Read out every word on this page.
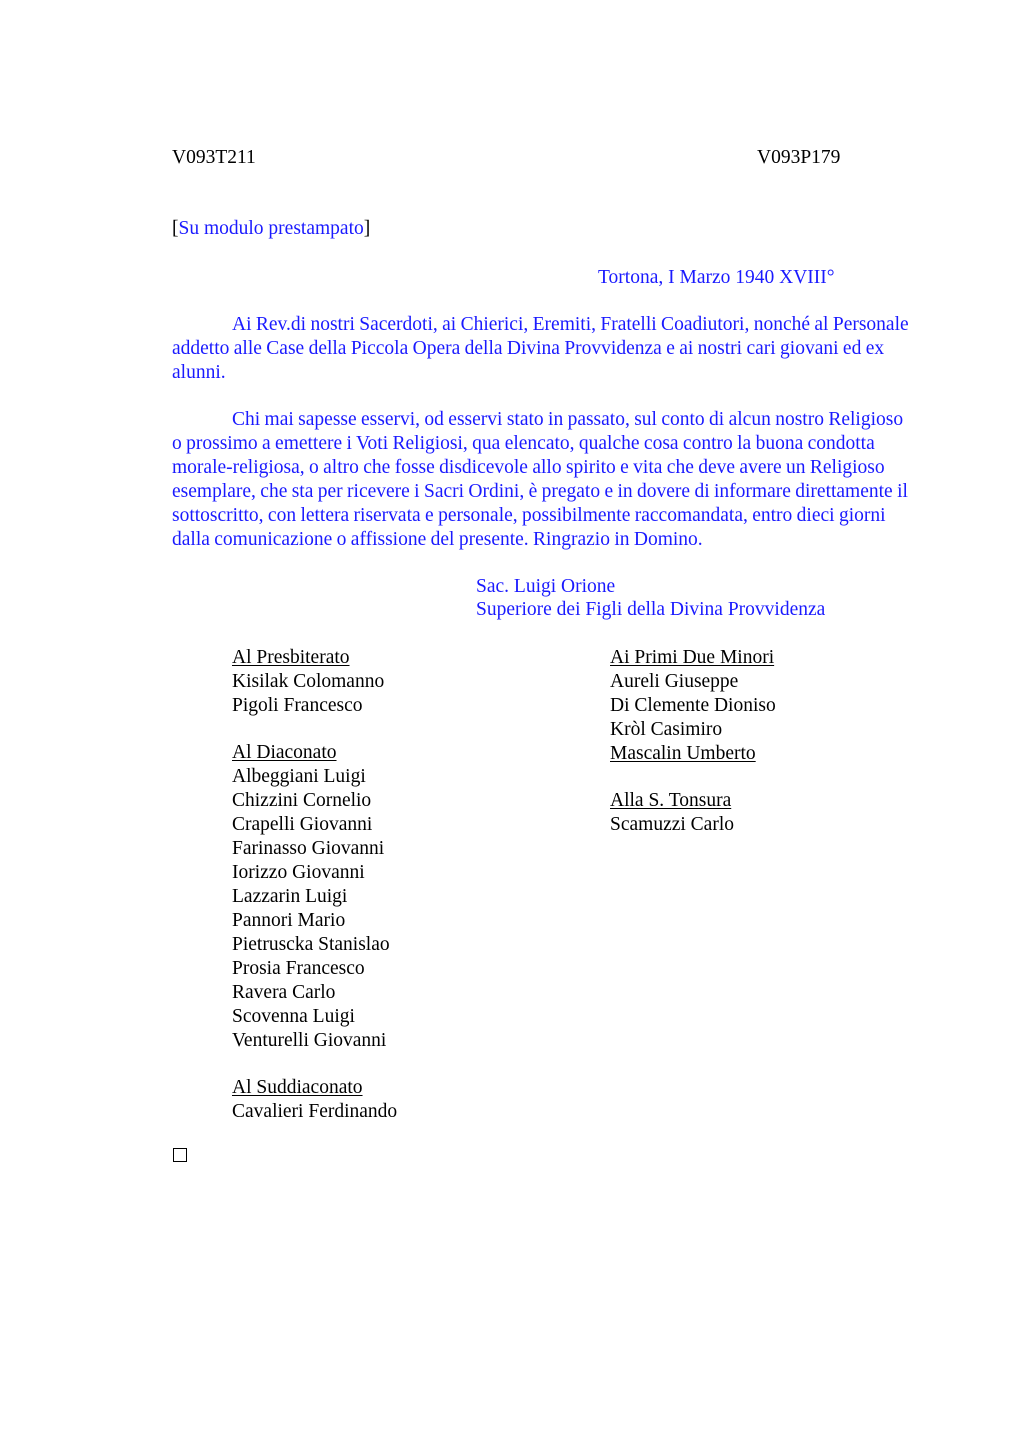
V093T211	V093P179
[Su modulo prestampato]
Tortona, I Marzo 1940 XVIII°

Ai Rev.di nostri Sacerdoti, ai Chierici, Eremiti, Fratelli Coadiutori, nonché al Personale addetto alle Case della Piccola Opera della Divina Provvidenza e ai nostri cari giovani ed ex alunni.

Chi mai sapesse esservi, od esservi stato in passato, sul conto di alcun nostro Religioso o prossimo a emettere i Voti Religiosi, qua elencato, qualche cosa contro la buona condotta morale-religiosa, o altro che fosse disdicevole allo spirito e vita che deve avere un Religioso esemplare, che sta per ricevere i Sacri Ordini, è pregato e in dovere di informare direttamente il sottoscritto, con lettera riservata e personale, possibilmente raccomandata, entro dieci giorni dalla comunicazione o affissione del presente. Ringrazio in Domino.

Sac. Luigi Orione
Superiore dei Figli della Divina Provvidenza
Al Presbiterato
Kisilak Colomanno
Pigoli Francesco
Al Diaconato
Albeggiani Luigi
Chizzini Cornelio
Crapelli Giovanni
Farinasso Giovanni
Iorizzo Giovanni
Lazzarin Luigi
Pannori Mario
Pietruscka Stanislao
Prosia Francesco
Ravera Carlo
Scovenna Luigi
Venturelli Giovanni
Al Suddiaconato
Cavalieri Ferdinando
Ai Primi Due Minori
Aureli Giuseppe
Di Clemente Dioniso
Kròl Casimiro
Mascalin Umberto
Alla S. Tonsura
Scamuzzi Carlo
